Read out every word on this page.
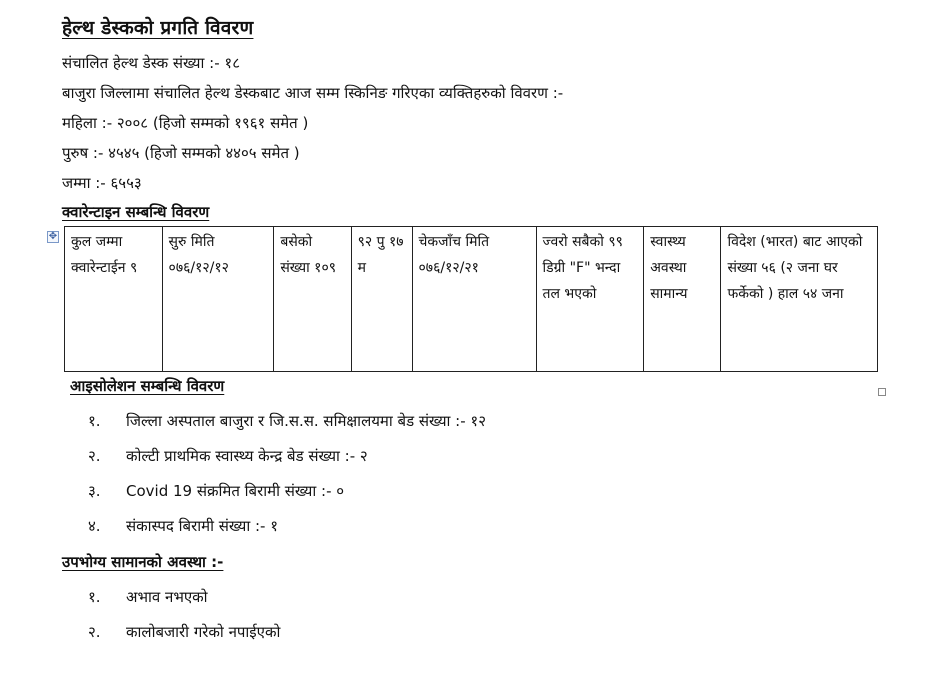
हेल्थ डेस्कको प्रगति विवरण
संचालित हेल्थ डेस्क संख्या :- १८
बाजुरा जिल्लामा संचालित हेल्थ डेस्कबाट आज सम्म स्किनिङ गरिएका व्यक्तिहरुको विवरण :-
महिला :- २००८ (हिजो सम्मको १९६१ समेत )
पुरुष :- ४५४५ (हिजो सम्मको ४४०५ समेत )
जम्मा :- ६५५३
✥
क्वारेन्टाइन सम्बन्धि विवरण
कुल जम्मा क्वारेन्टाईन ९	सुरु मिति ०७६/१२/१२	बसेको संख्या १०९	९२ पु १७ म	चेकजाँच मिति ०७६/१२/२१	ज्वरो सबैको ९९ डिग्री "F" भन्दा तल भएको	स्वास्थ्य अवस्था सामान्य	विदेश (भारत) बाट आएको संख्या ५६ (२ जना घर फर्केको ) हाल ५४ जना
आइसोलेशन सम्बन्धि विवरण
१. जिल्ला अस्पताल बाजुरा र जि.स.स. समिक्षालयमा बेड संख्या :- १२
२. कोल्टी प्राथमिक स्वास्थ्य केन्द्र बेड संख्या :- २
३. Covid 19 संक्रमित बिरामी संख्या :- ०
४. संकास्पद बिरामी संख्या :- १
उपभोग्य सामानको अवस्था :-
१. अभाव नभएको
२. कालोबजारी गरेको नपाईएको
